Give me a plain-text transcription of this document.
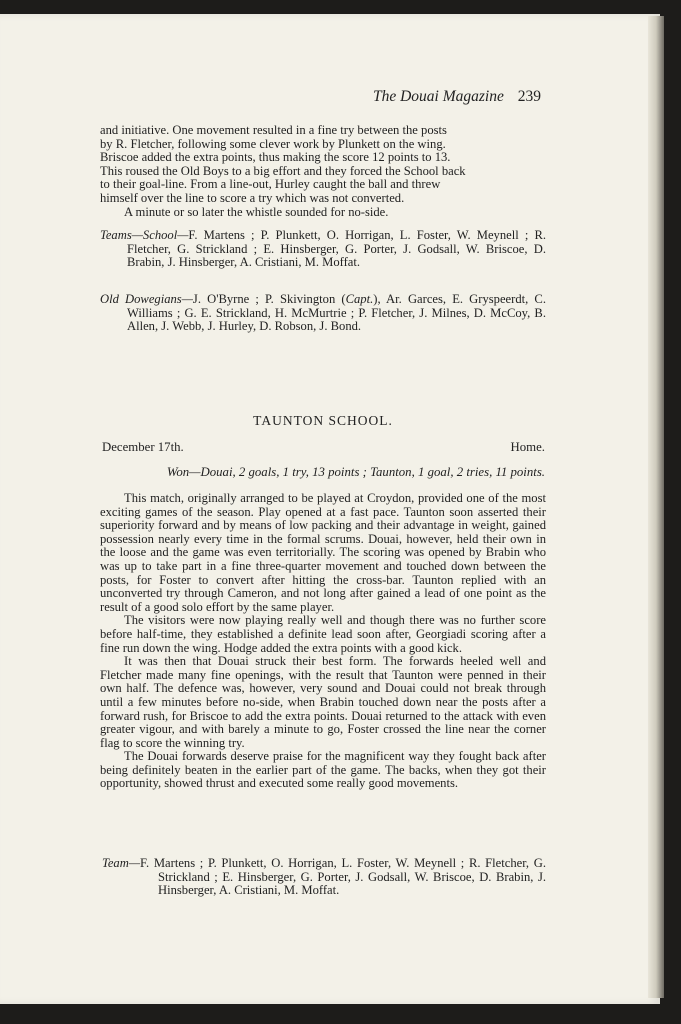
The Douai Magazine 239

and initiative. One movement resulted in a fine try between the posts

by R. Fletcher, following some clever work by Plunkett on the wing.

Briscoe added the extra points, thus making the score 12 points to 13.

This roused the Old Boys to a big effort and they forced the School back

to their goal-line. From a line-out, Hurley caught the ball and threw

himself over the line to score a try which was not converted.

A minute or so later the whistle sounded for no-side.

Teams—School—F. Martens ; P. Plunkett, O. Horrigan, L. Foster, W. Meynell ; R. Fletcher, G. Strickland ; E. Hinsberger, G. Porter, J. Godsall, W. Briscoe, D. Brabin, J. Hinsberger, A. Cristiani, M. Moffat.

Old Dowegians—J. O'Byrne ; P. Skivington (Capt.), Ar. Garces, E. Gryspeerdt, C. Williams ; G. E. Strickland, H. McMurtrie ; P. Fletcher, J. Milnes, D. McCoy, B. Allen, J. Webb, J. Hurley, D. Robson, J. Bond.

TAUNTON SCHOOL.
December 17th.	Home.
Won—Douai, 2 goals, 1 try, 13 points ; Taunton, 1 goal, 2 tries, 11 points.

This match, originally arranged to be played at Croydon, provided one of the most exciting games of the season. Play opened at a fast pace. Taunton soon asserted their superiority forward and by means of low packing and their advantage in weight, gained possession nearly every time in the formal scrums. Douai, however, held their own in the loose and the game was even territorially. The scoring was opened by Brabin who was up to take part in a fine three-quarter movement and touched down between the posts, for Foster to convert after hitting the cross-bar. Taunton replied with an unconverted try through Cameron, and not long after gained a lead of one point as the result of a good solo effort by the same player.

The visitors were now playing really well and though there was no further score before half-time, they established a definite lead soon after, Georgiadi scoring after a fine run down the wing. Hodge added the extra points with a good kick.

It was then that Douai struck their best form. The forwards heeled well and Fletcher made many fine openings, with the result that Taunton were penned in their own half. The defence was, however, very sound and Douai could not break through until a few minutes before no-side, when Brabin touched down near the posts after a forward rush, for Briscoe to add the extra points. Douai returned to the attack with even greater vigour, and with barely a minute to go, Foster crossed the line near the corner flag to score the winning try.

The Douai forwards deserve praise for the magnificent way they fought back after being definitely beaten in the earlier part of the game. The backs, when they got their opportunity, showed thrust and executed some really good movements.

Team—F. Martens ; P. Plunkett, O. Horrigan, L. Foster, W. Meynell ; R. Fletcher, G. Strickland ; E. Hinsberger, G. Porter, J. Godsall, W. Briscoe, D. Brabin, J. Hinsberger, A. Cristiani, M. Moffat.
